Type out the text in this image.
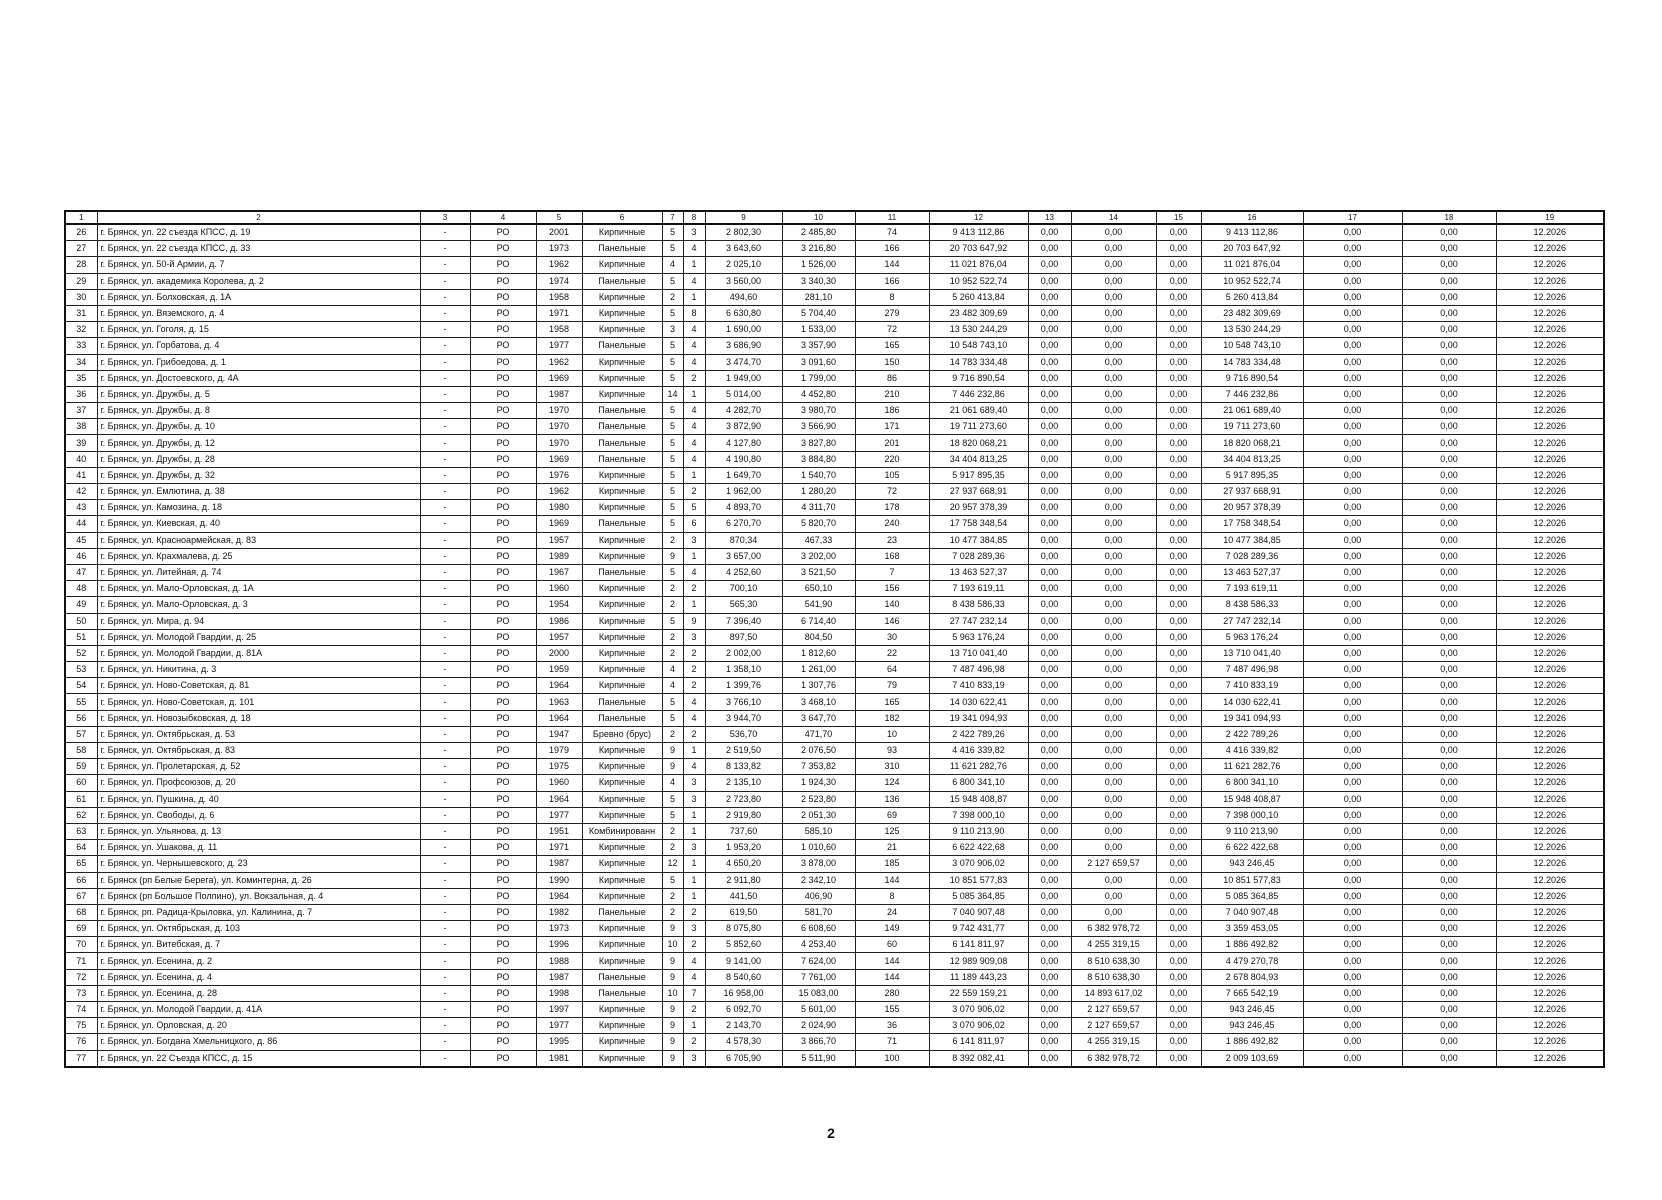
1	2	3	4	5	6	7	8	9	10	11	12	13	14	15	16	17	18	19
26	г. Брянск, ул. 22 съезда КПСС, д. 19	-	РО	2001	Кирпичные	5	3	2 802,30	2 485,80	74	9 413 112,86	0,00	0,00	0,00	9 413 112,86	0,00	0,00	12.2026
27	г. Брянск, ул. 22 съезда КПСС, д. 33	-	РО	1973	Панельные	5	4	3 643,60	3 216,80	166	20 703 647,92	0,00	0,00	0,00	20 703 647,92	0,00	0,00	12.2026
28	г. Брянск, ул. 50-й Армии, д. 7	-	РО	1962	Кирпичные	4	1	2 025,10	1 526,00	144	11 021 876,04	0,00	0,00	0,00	11 021 876,04	0,00	0,00	12.2026
29	г. Брянск, ул. академика Королева, д. 2	-	РО	1974	Панельные	5	4	3 560,00	3 340,30	166	10 952 522,74	0,00	0,00	0,00	10 952 522,74	0,00	0,00	12.2026
30	г. Брянск, ул. Болховская, д. 1А	-	РО	1958	Кирпичные	2	1	494,60	281,10	8	5 260 413,84	0,00	0,00	0,00	5 260 413,84	0,00	0,00	12.2026
31	г. Брянск, ул. Вяземского, д. 4	-	РО	1971	Кирпичные	5	8	6 630,80	5 704,40	279	23 482 309,69	0,00	0,00	0,00	23 482 309,69	0,00	0,00	12.2026
32	г. Брянск, ул. Гоголя, д. 15	-	РО	1958	Кирпичные	3	4	1 690,00	1 533,00	72	13 530 244,29	0,00	0,00	0,00	13 530 244,29	0,00	0,00	12.2026
33	г. Брянск, ул. Горбатова, д. 4	-	РО	1977	Панельные	5	4	3 686,90	3 357,90	165	10 548 743,10	0,00	0,00	0,00	10 548 743,10	0,00	0,00	12.2026
34	г. Брянск, ул. Грибоедова, д. 1	-	РО	1962	Кирпичные	5	4	3 474,70	3 091,60	150	14 783 334,48	0,00	0,00	0,00	14 783 334,48	0,00	0,00	12.2026
35	г. Брянск, ул. Достоевского, д. 4А	-	РО	1969	Кирпичные	5	2	1 949,00	1 799,00	86	9 716 890,54	0,00	0,00	0,00	9 716 890,54	0,00	0,00	12.2026
36	г. Брянск, ул. Дружбы, д. 5	-	РО	1987	Кирпичные	14	1	5 014,00	4 452,80	210	7 446 232,86	0,00	0,00	0,00	7 446 232,86	0,00	0,00	12.2026
37	г. Брянск, ул. Дружбы, д. 8	-	РО	1970	Панельные	5	4	4 282,70	3 980,70	186	21 061 689,40	0,00	0,00	0,00	21 061 689,40	0,00	0,00	12.2026
38	г. Брянск, ул. Дружбы, д. 10	-	РО	1970	Панельные	5	4	3 872,90	3 566,90	171	19 711 273,60	0,00	0,00	0,00	19 711 273,60	0,00	0,00	12.2026
39	г. Брянск, ул. Дружбы, д. 12	-	РО	1970	Панельные	5	4	4 127,80	3 827,80	201	18 820 068,21	0,00	0,00	0,00	18 820 068,21	0,00	0,00	12.2026
40	г. Брянск, ул. Дружбы, д. 28	-	РО	1969	Панельные	5	4	4 190,80	3 884,80	220	34 404 813,25	0,00	0,00	0,00	34 404 813,25	0,00	0,00	12.2026
41	г. Брянск, ул. Дружбы, д. 32	-	РО	1976	Кирпичные	5	1	1 649,70	1 540,70	105	5 917 895,35	0,00	0,00	0,00	5 917 895,35	0,00	0,00	12.2026
42	г. Брянск, ул. Емлютина, д. 38	-	РО	1962	Кирпичные	5	2	1 962,00	1 280,20	72	27 937 668,91	0,00	0,00	0,00	27 937 668,91	0,00	0,00	12.2026
43	г. Брянск, ул. Камозина, д. 18	-	РО	1980	Кирпичные	5	5	4 893,70	4 311,70	178	20 957 378,39	0,00	0,00	0,00	20 957 378,39	0,00	0,00	12.2026
44	г. Брянск, ул. Киевская, д. 40	-	РО	1969	Панельные	5	6	6 270,70	5 820,70	240	17 758 348,54	0,00	0,00	0,00	17 758 348,54	0,00	0,00	12.2026
45	г. Брянск, ул. Красноармейская, д. 83	-	РО	1957	Кирпичные	2	3	870,34	467,33	23	10 477 384,85	0,00	0,00	0,00	10 477 384,85	0,00	0,00	12.2026
46	г. Брянск, ул. Крахмалева, д. 25	-	РО	1989	Кирпичные	9	1	3 657,00	3 202,00	168	7 028 289,36	0,00	0,00	0,00	7 028 289,36	0,00	0,00	12.2026
47	г. Брянск, ул. Литейная, д. 74	-	РО	1967	Панельные	5	4	4 252,60	3 521,50	7	13 463 527,37	0,00	0,00	0,00	13 463 527,37	0,00	0,00	12.2026
48	г. Брянск, ул. Мало-Орловская, д. 1А	-	РО	1960	Кирпичные	2	2	700,10	650,10	156	7 193 619,11	0,00	0,00	0,00	7 193 619,11	0,00	0,00	12.2026
49	г. Брянск, ул. Мало-Орловская, д. 3	-	РО	1954	Кирпичные	2	1	565,30	541,90	140	8 438 586,33	0,00	0,00	0,00	8 438 586,33	0,00	0,00	12.2026
50	г. Брянск, ул. Мира, д. 94	-	РО	1986	Кирпичные	5	9	7 396,40	6 714,40	146	27 747 232,14	0,00	0,00	0,00	27 747 232,14	0,00	0,00	12.2026
51	г. Брянск, ул. Молодой Гвардии, д. 25	-	РО	1957	Кирпичные	2	3	897,50	804,50	30	5 963 176,24	0,00	0,00	0,00	5 963 176,24	0,00	0,00	12.2026
52	г. Брянск, ул. Молодой Гвардии, д. 81А	-	РО	2000	Кирпичные	2	2	2 002,00	1 812,60	22	13 710 041,40	0,00	0,00	0,00	13 710 041,40	0,00	0,00	12.2026
53	г. Брянск, ул. Никитина, д. 3	-	РО	1959	Кирпичные	4	2	1 358,10	1 261,00	64	7 487 496,98	0,00	0,00	0,00	7 487 496,98	0,00	0,00	12.2026
54	г. Брянск, ул. Ново-Советская, д. 81	-	РО	1964	Кирпичные	4	2	1 399,76	1 307,76	79	7 410 833,19	0,00	0,00	0,00	7 410 833,19	0,00	0,00	12.2026
55	г. Брянск, ул. Ново-Советская, д. 101	-	РО	1963	Панельные	5	4	3 766,10	3 468,10	165	14 030 622,41	0,00	0,00	0,00	14 030 622,41	0,00	0,00	12.2026
56	г. Брянск, ул. Новозыбковская, д. 18	-	РО	1964	Панельные	5	4	3 944,70	3 647,70	182	19 341 094,93	0,00	0,00	0,00	19 341 094,93	0,00	0,00	12.2026
57	г. Брянск, ул. Октябрьская, д. 53	-	РО	1947	Бревно (брус)	2	2	536,70	471,70	10	2 422 789,26	0,00	0,00	0,00	2 422 789,26	0,00	0,00	12.2026
58	г. Брянск, ул. Октябрьская, д. 83	-	РО	1979	Кирпичные	9	1	2 519,50	2 076,50	93	4 416 339,82	0,00	0,00	0,00	4 416 339,82	0,00	0,00	12.2026
59	г. Брянск, ул. Пролетарская, д. 52	-	РО	1975	Кирпичные	9	4	8 133,82	7 353,82	310	11 621 282,76	0,00	0,00	0,00	11 621 282,76	0,00	0,00	12.2026
60	г. Брянск, ул. Профсоюзов, д. 20	-	РО	1960	Кирпичные	4	3	2 135,10	1 924,30	124	6 800 341,10	0,00	0,00	0,00	6 800 341,10	0,00	0,00	12.2026
61	г. Брянск, ул. Пушкина, д. 40	-	РО	1964	Кирпичные	5	3	2 723,80	2 523,80	136	15 948 408,87	0,00	0,00	0,00	15 948 408,87	0,00	0,00	12.2026
62	г. Брянск, ул. Свободы, д. 6	-	РО	1977	Кирпичные	5	1	2 919,80	2 051,30	69	7 398 000,10	0,00	0,00	0,00	7 398 000,10	0,00	0,00	12.2026
63	г. Брянск, ул. Ульянова, д. 13	-	РО	1951	Комбинированн	2	1	737,60	585,10	125	9 110 213,90	0,00	0,00	0,00	9 110 213,90	0,00	0,00	12.2026
64	г. Брянск, ул. Ушакова, д. 11	-	РО	1971	Кирпичные	2	3	1 953,20	1 010,60	21	6 622 422,68	0,00	0,00	0,00	6 622 422,68	0,00	0,00	12.2026
65	г. Брянск, ул. Чернышевского, д. 23	-	РО	1987	Кирпичные	12	1	4 650,20	3 878,00	185	3 070 906,02	0,00	2 127 659,57	0,00	943 246,45	0,00	0,00	12.2026
66	г. Брянск (рп Белые Берега), ул. Коминтерна, д. 26	-	РО	1990	Кирпичные	5	1	2 911,80	2 342,10	144	10 851 577,83	0,00	0,00	0,00	10 851 577,83	0,00	0,00	12.2026
67	г. Брянск (рп Большое Полпино), ул. Вокзальная, д. 4	-	РО	1964	Кирпичные	2	1	441,50	406,90	8	5 085 364,85	0,00	0,00	0,00	5 085 364,85	0,00	0,00	12.2026
68	г. Брянск, рп. Радица-Крыловка, ул. Калинина, д. 7	-	РО	1982	Панельные	2	2	619,50	581,70	24	7 040 907,48	0,00	0,00	0,00	7 040 907,48	0,00	0,00	12.2026
69	г. Брянск, ул. Октябрьская, д. 103	-	РО	1973	Кирпичные	9	3	8 075,80	6 608,60	149	9 742 431,77	0,00	6 382 978,72	0,00	3 359 453,05	0,00	0,00	12.2026
70	г. Брянск, ул. Витебская, д. 7	-	РО	1996	Кирпичные	10	2	5 852,60	4 253,40	60	6 141 811,97	0,00	4 255 319,15	0,00	1 886 492,82	0,00	0,00	12.2026
71	г. Брянск, ул. Есенина, д. 2	-	РО	1988	Кирпичные	9	4	9 141,00	7 624,00	144	12 989 909,08	0,00	8 510 638,30	0,00	4 479 270,78	0,00	0,00	12.2026
72	г. Брянск, ул. Есенина, д. 4	-	РО	1987	Панельные	9	4	8 540,60	7 761,00	144	11 189 443,23	0,00	8 510 638,30	0,00	2 678 804,93	0,00	0,00	12.2026
73	г. Брянск, ул. Есенина, д. 28	-	РО	1998	Панельные	10	7	16 958,00	15 083,00	280	22 559 159,21	0,00	14 893 617,02	0,00	7 665 542,19	0,00	0,00	12.2026
74	г. Брянск, ул. Молодой Гвардии, д. 41А	-	РО	1997	Кирпичные	9	2	6 092,70	5 601,00	155	3 070 906,02	0,00	2 127 659,57	0,00	943 246,45	0,00	0,00	12.2026
75	г. Брянск, ул. Орловская, д. 20	-	РО	1977	Кирпичные	9	1	2 143,70	2 024,90	36	3 070 906,02	0,00	2 127 659,57	0,00	943 246,45	0,00	0,00	12.2026
76	г. Брянск, ул. Богдана Хмельницкого, д. 86	-	РО	1995	Кирпичные	9	2	4 578,30	3 866,70	71	6 141 811,97	0,00	4 255 319,15	0,00	1 886 492,82	0,00	0,00	12.2026
77	г. Брянск, ул. 22 Съезда КПСС, д. 15	-	РО	1981	Кирпичные	9	3	6 705,90	5 511,90	100	8 392 082,41	0,00	6 382 978,72	0,00	2 009 103,69	0,00	0,00	12.2026
2
